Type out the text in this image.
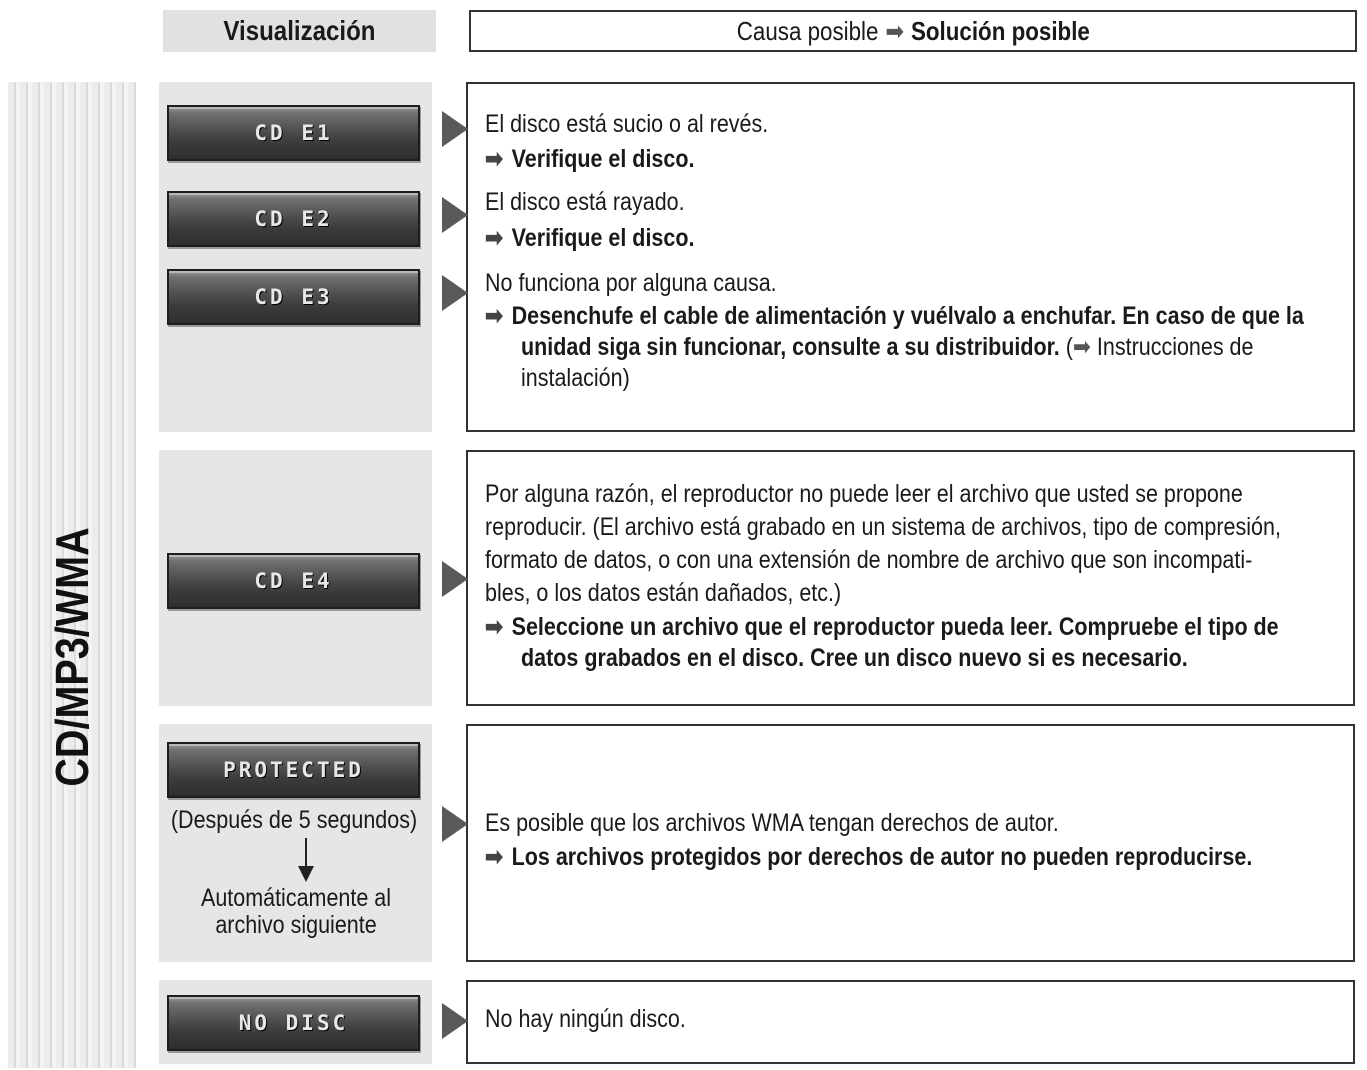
Visualización	Causa posible ➡ Solución posible
CD/MP3/WMA
CD E1
CD E2
CD E3
CD E4
PROTECTED
NO DISC
El disco está sucio o al revés.
➡ Verifique el disco.
El disco está rayado.
➡ Verifique el disco.
No funciona por alguna causa.
➡ Desenchufe el cable de alimentación y vuélvalo a enchufar. En caso de que la
unidad siga sin funcionar, consulte a su distribuidor. (➡ Instrucciones de
instalación)
Por alguna razón, el reproductor no puede leer el archivo que usted se propone
reproducir. (El archivo está grabado en un sistema de archivos, tipo de compresión,
formato de datos, o con una extensión de nombre de archivo que son incompati-
bles, o los datos están dañados, etc.)
➡ Seleccione un archivo que el reproductor pueda leer. Compruebe el tipo de
datos grabados en el disco. Cree un disco nuevo si es necesario.
(Después de 5 segundos)
Automáticamente al
archivo siguiente
Es posible que los archivos WMA tengan derechos de autor.
➡ Los archivos protegidos por derechos de autor no pueden reproducirse.
No hay ningún disco.
